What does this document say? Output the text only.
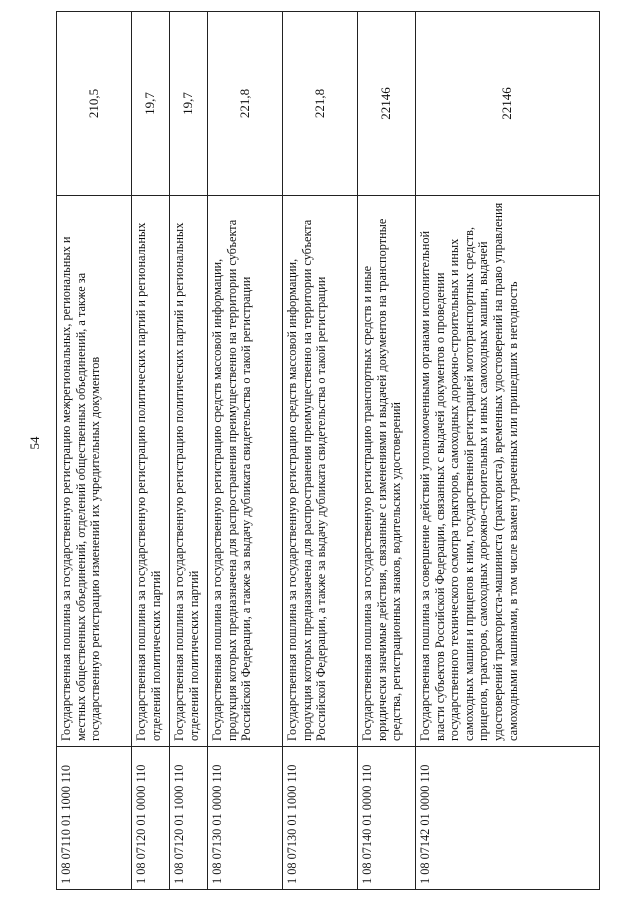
54
1 08 07110 01 1000 110	Государственная пошлина за государственную регистрацию межрегиональных, региональных и местных общественных объединений, отделений общественных объединений, а также за государственную регистрацию изменений их учредительных документов	210,5
1 08 07120 01 0000 110	Государственная пошлина за государственную регистрацию политических партий и региональных отделений политических партий	19,7
1 08 07120 01 1000 110	Государственная пошлина за государственную регистрацию политических партий и региональных отделений политических партий	19,7
1 08 07130 01 0000 110	Государственная пошлина за государственную регистрацию средств массовой информации, продукция которых предназначена для распространения преимущественно на территории субъекта Российской Федерации, а также за выдачу дубликата свидетельства о такой регистрации	221,8
1 08 07130 01 1000 110	Государственная пошлина за государственную регистрацию средств массовой информации, продукция которых предназначена для распространения преимущественно на территории субъекта Российской Федерации, а также за выдачу дубликата свидетельства о такой регистрации	221,8
1 08 07140 01 0000 110	Государственная пошлина за государственную регистрацию транспортных средств и иные юридически значимые действия, связанные с изменениями и выдачей документов на транспортные средства, регистрационных знаков, водительских удостоверений	22146
1 08 07142 01 0000 110	Государственная пошлина за совершение действий уполномоченными органами исполнительной власти субъектов Российской Федерации, связанных с выдачей документов о проведении государственного технического осмотра тракторов, самоходных дорожно-строительных и иных самоходных машин и прицепов к ним, государственной регистрацией мототранспортных средств, прицепов, тракторов, самоходных дорожно-строительных и иных самоходных машин, выдачей удостоверений тракториста-машиниста (тракториста), временных удостоверений на право управления самоходными машинами, в том числе взамен утраченных или пришедших в негодность	22146
